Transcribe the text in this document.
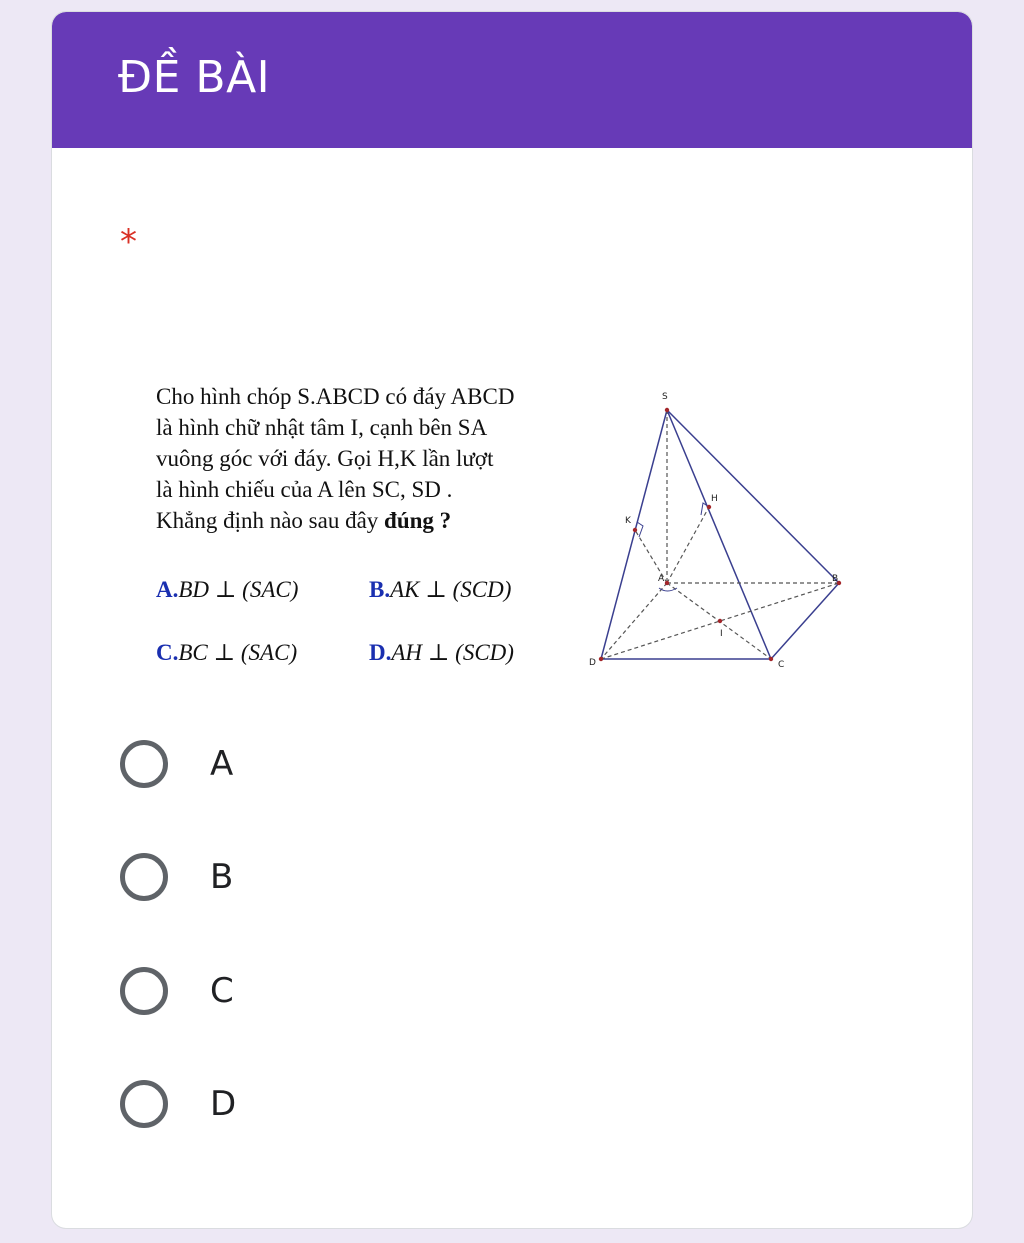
ĐỀ BÀI
*
Cho hình chóp S.ABCD có đáy ABCD
là hình chữ nhật tâm I, cạnh bên SA
vuông góc với đáy. Gọi H,K lần lượt
là hình chiếu của A lên SC, SD .
Khẳng định nào sau đây đúng ?
A.BD ⊥ (SAC)	B.AK ⊥ (SCD)
C.BC ⊥ (SAC)	D.AH ⊥ (SCD)
S
A	B
C
D
H
K
I
A
B
C
D
